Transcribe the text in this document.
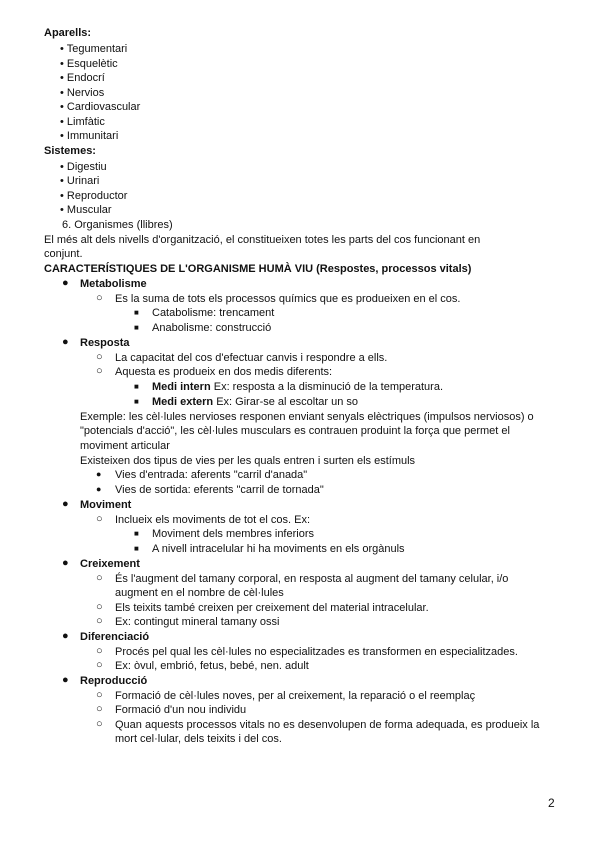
Aparells:
• Tegumentari
• Esquelètic
• Endocrí
• Nervios
• Cardiovascular
• Limfàtic
• Immunitari
Sistemes:
• Digestiu
• Urinari
• Reproductor
• Muscular
6. Organismes (llibres)
El més alt dels nivells d'organització, el constitueixen totes les parts del cos funcionant en
conjunt.
CARACTERÍSTIQUES DE L'ORGANISME HUMÀ VIU (Respostes, processos vitals)
● Metabolisme
○ Es la suma de tots els processos químics que es produeixen en el cos.
■ Catabolisme: trencament
■ Anabolisme: construcció
● Resposta
○ La capacitat del cos d'efectuar canvis i respondre a ells.
○ Aquesta es produeix en dos medis diferents:
■ Medi intern Ex: resposta a la disminució de la temperatura.
■ Medi extern Ex: Girar-se al escoltar un so
Exemple: les cèl·lules nervioses responen enviant senyals elèctriques (impulsos nerviosos) o
"potencials d'acció", les cèl·lules musculars es contrauen produint la força que permet el
moviment articular
Existeixen dos tipus de vies per les quals entren i surten els estímuls
● Vies d'entrada: aferents "carril d'anada"
● Vies de sortida: eferents "carril de tornada"
● Moviment
○ Inclueix els moviments de tot el cos. Ex:
■ Moviment dels membres inferiors
■ A nivell intracelular hi ha moviments en els orgànuls
● Creixement
○ És l'augment del tamany corporal, en resposta al augment del tamany celular, i/o
augment en el nombre de cèl·lules
○ Els teixits també creixen per creixement del material intracelular.
○ Ex: contingut mineral tamany ossi
● Diferenciació
○ Procés pel qual les cèl·lules no especialitzades es transformen en especialitzades.
○ Ex: òvul, embrió, fetus, bebé, nen. adult
● Reproducció
○ Formació de cèl·lules noves, per al creixement, la reparació o el reemplaç
○ Formació d'un nou individu
○ Quan aquests processos vitals no es desenvolupen de forma adequada, es produeix la
mort cel·lular, dels teixits i del cos.
2
